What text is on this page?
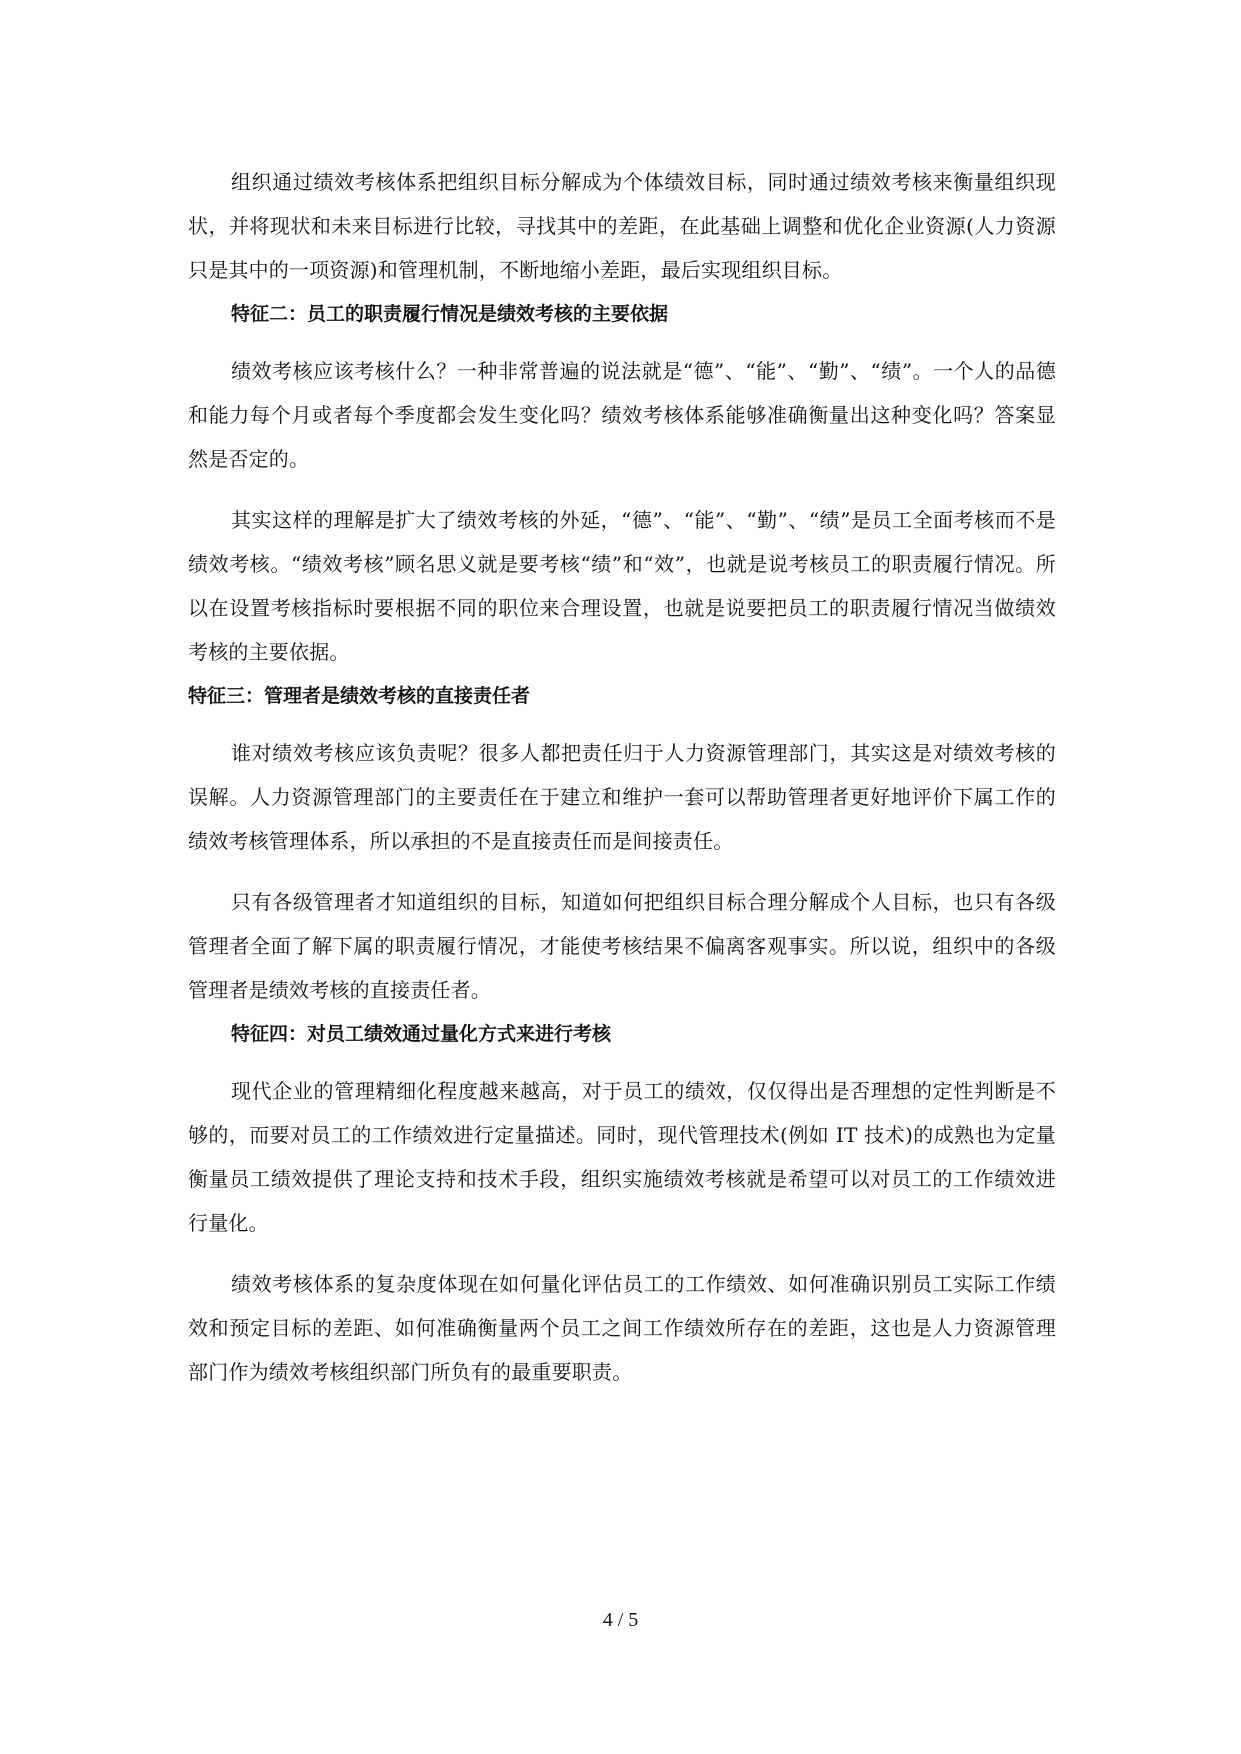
组织通过绩效考核体系把组织目标分解成为个体绩效目标，同时通过绩效考核来衡量组织现状，并将现状和未来目标进行比较，寻找其中的差距，在此基础上调整和优化企业资源(人力资源只是其中的一项资源)和管理机制，不断地缩小差距，最后实现组织目标。

特征二：员工的职责履行情况是绩效考核的主要依据

绩效考核应该考核什么？一种非常普遍的说法就是“德”、“能”、“勤”、“绩”。一个人的品德和能力每个月或者每个季度都会发生变化吗？绩效考核体系能够准确衡量出这种变化吗？答案显然是否定的。

其实这样的理解是扩大了绩效考核的外延，“德”、“能”、“勤”、“绩”是员工全面考核而不是绩效考核。“绩效考核”顾名思义就是要考核“绩”和“效”，也就是说考核员工的职责履行情况。所以在设置考核指标时要根据不同的职位来合理设置，也就是说要把员工的职责履行情况当做绩效考核的主要依据。

特征三：管理者是绩效考核的直接责任者

谁对绩效考核应该负责呢？很多人都把责任归于人力资源管理部门，其实这是对绩效考核的误解。人力资源管理部门的主要责任在于建立和维护一套可以帮助管理者更好地评价下属工作的绩效考核管理体系，所以承担的不是直接责任而是间接责任。

只有各级管理者才知道组织的目标，知道如何把组织目标合理分解成个人目标，也只有各级管理者全面了解下属的职责履行情况，才能使考核结果不偏离客观事实。所以说，组织中的各级管理者是绩效考核的直接责任者。

特征四：对员工绩效通过量化方式来进行考核

现代企业的管理精细化程度越来越高，对于员工的绩效，仅仅得出是否理想的定性判断是不够的，而要对员工的工作绩效进行定量描述。同时，现代管理技术(例如 IT 技术)的成熟也为定量衡量员工绩效提供了理论支持和技术手段，组织实施绩效考核就是希望可以对员工的工作绩效进行量化。

绩效考核体系的复杂度体现在如何量化评估员工的工作绩效、如何准确识别员工实际工作绩效和预定目标的差距、如何准确衡量两个员工之间工作绩效所存在的差距，这也是人力资源管理部门作为绩效考核组织部门所负有的最重要职责。

4 / 5
